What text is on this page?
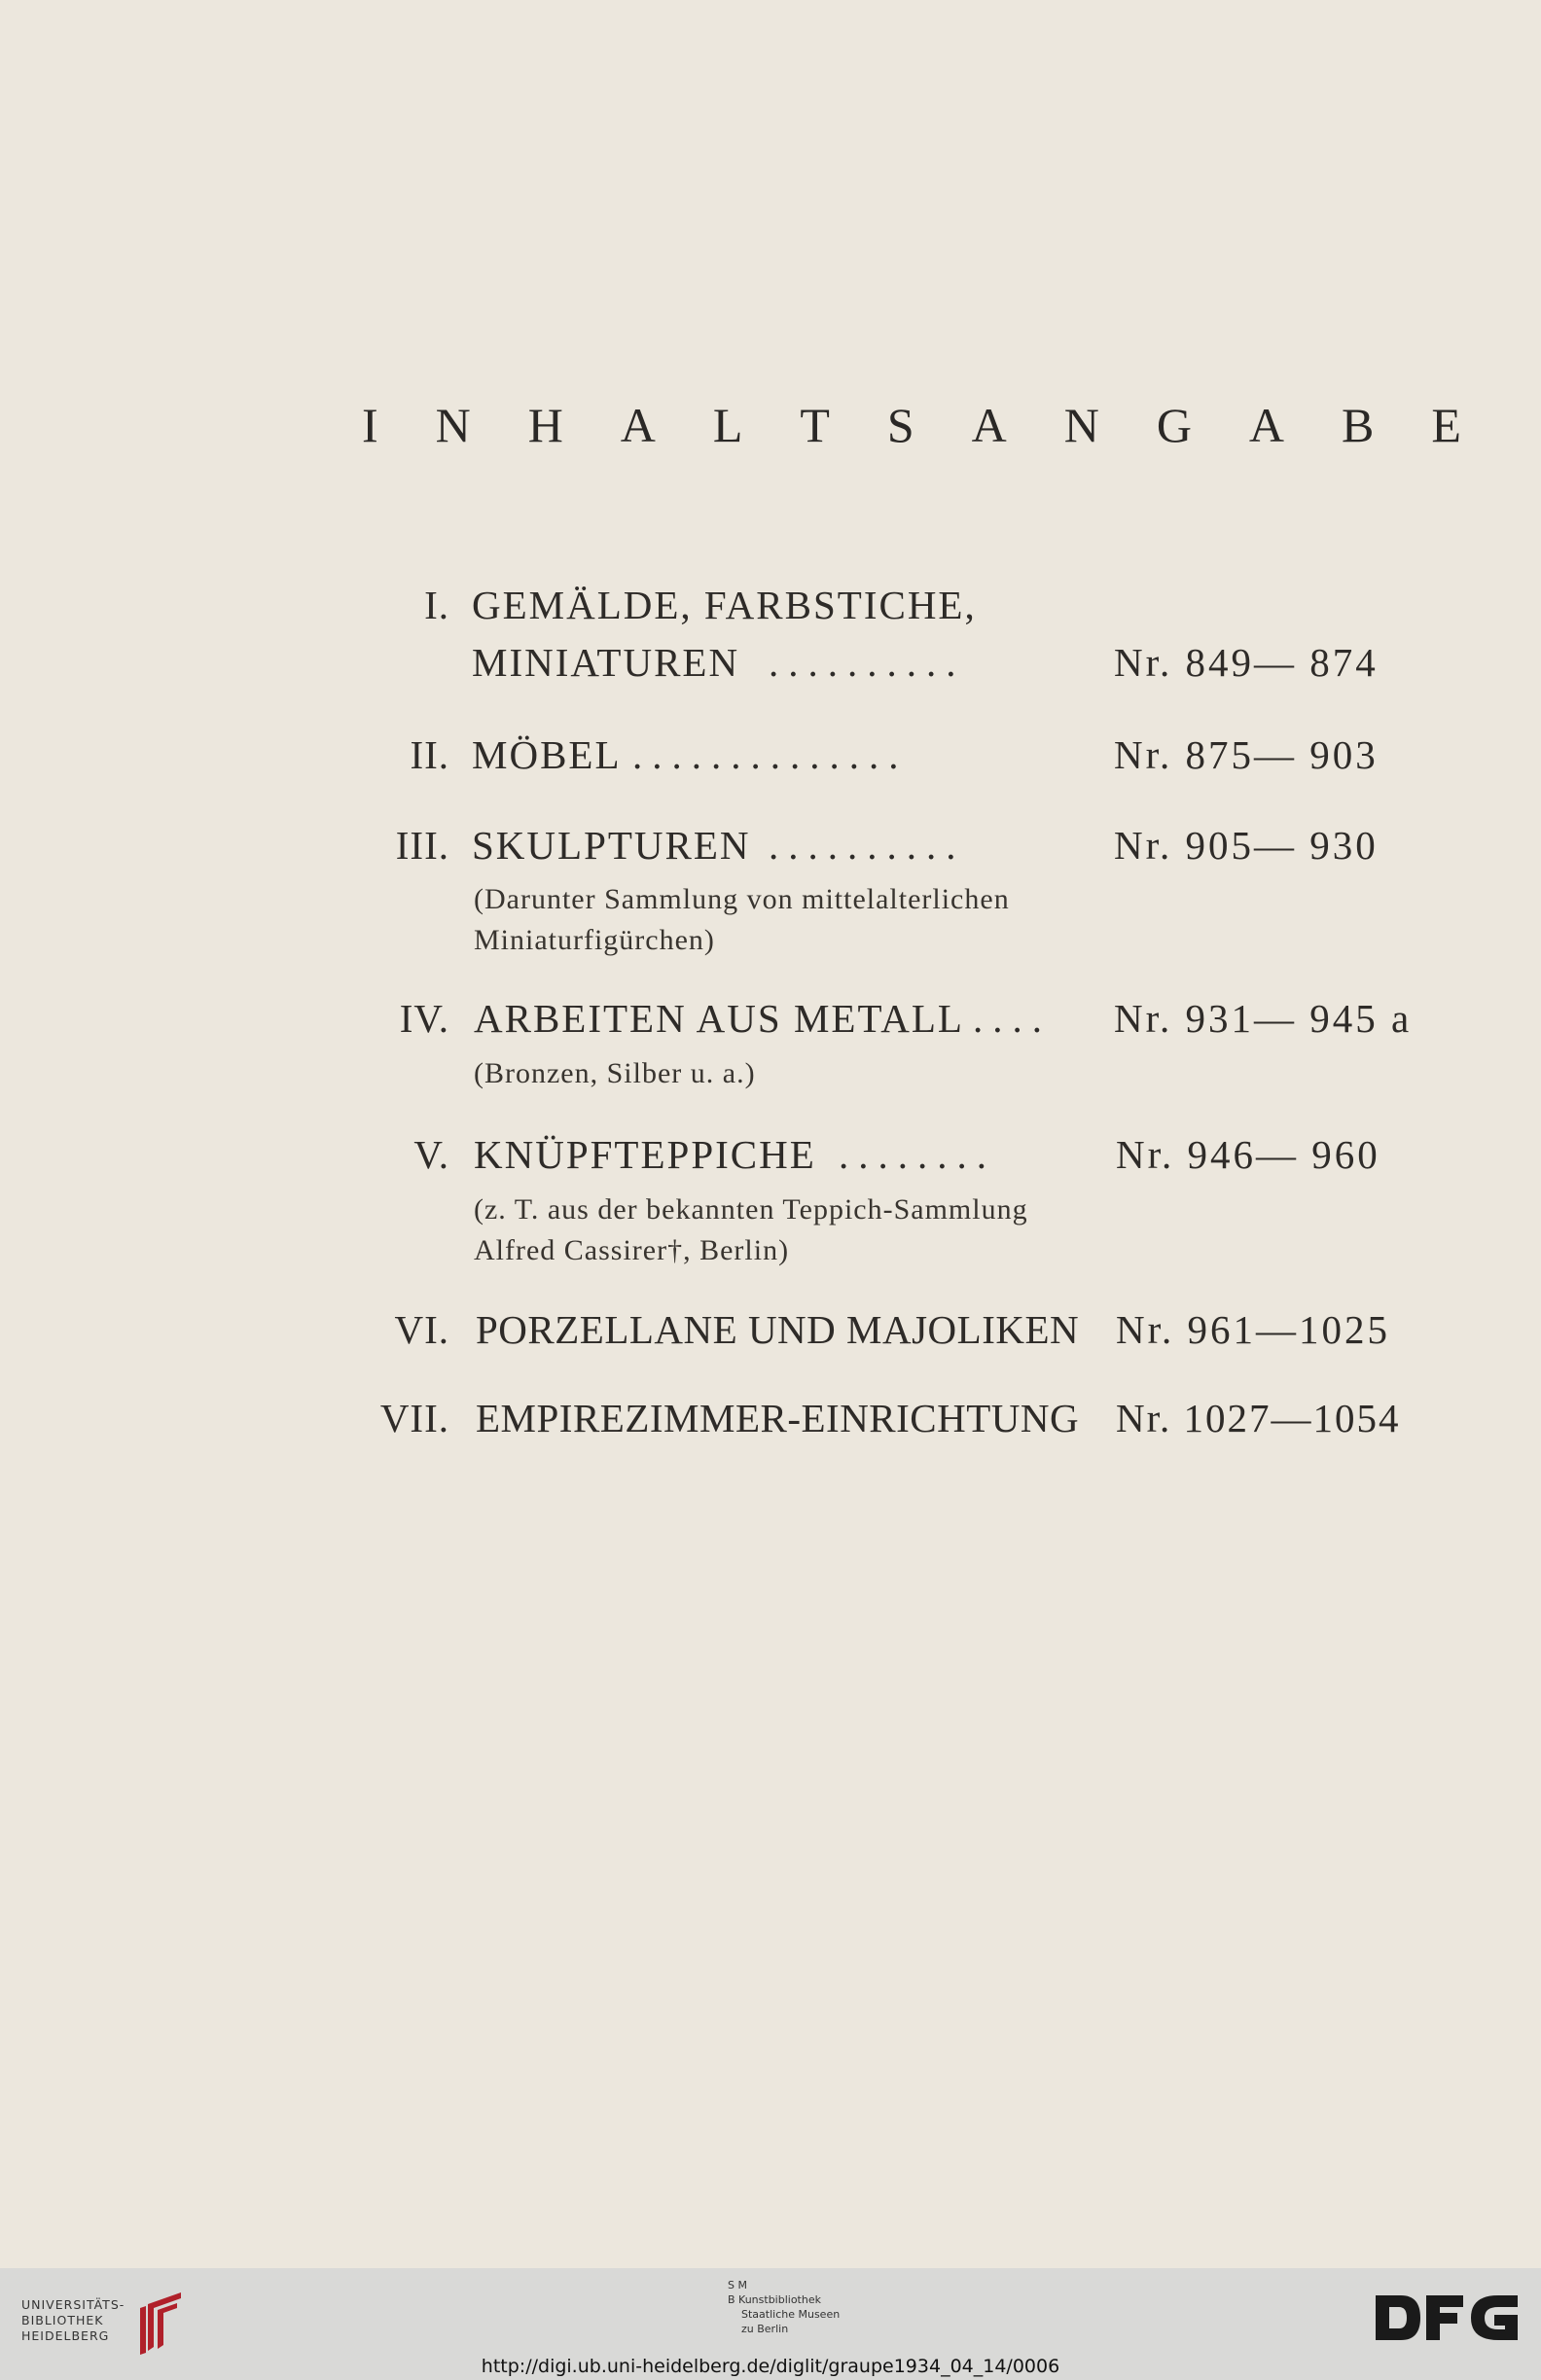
I N H A L T S A N G A B E
I. GEMÄLDE, FARBSTICHE,
MINIATUREN ..........	Nr. 849— 874
II. MÖBEL ..............	Nr. 875— 903
III. SKULPTUREN ..........	Nr. 905— 930
(Darunter Sammlung von mittelalterlichen
Miniaturfigürchen)
IV. ARBEITEN AUS METALL .... Nr. 931— 945 a
(Bronzen, Silber u. a.)
V. KNÜPFTEPPICHE ........	Nr. 946— 960
(z. T. aus der bekannten Teppich-Sammlung
Alfred Cassirer†, Berlin)
VI. PORZELLANE UND MAJOLIKEN Nr. 961—1025
VII. EMPIREZIMMER-EINRICHTUNG Nr. 1027—1054
UNIVERSITÄTS-
BIBLIOTHEK
HEIDELBERG
S M
B Kunstbibliothek
Staatliche Museen
zu Berlin
http://digi.ub.uni-heidelberg.de/diglit/graupe1934_04_14/0006
